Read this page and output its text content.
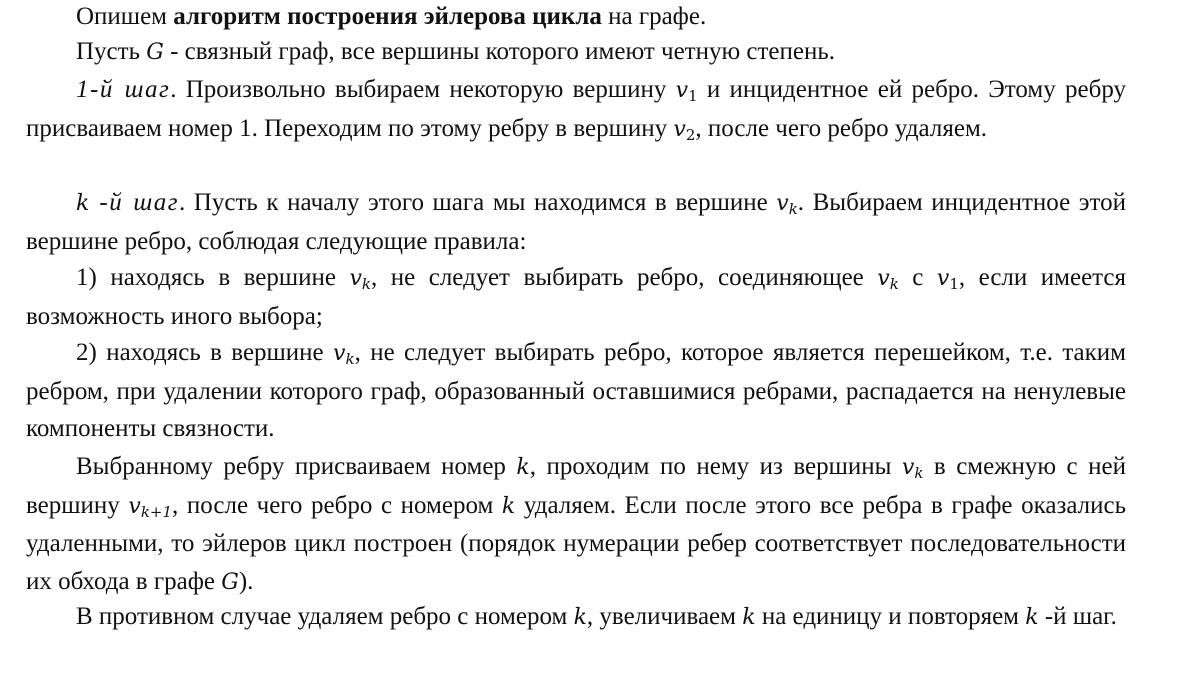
Опишем алгоритм построения эйлерова цикла на графе.

Пусть G - связный граф, все вершины которого имеют четную степень.

1-й шаг. Произвольно выбираем некоторую вершину $v_1$ и инцидентное ей ребро. Этому ребру присваиваем номер 1. Переходим по этому ребру в вершину $v_2$, после чего ребро удаляем.

k -й шаг. Пусть к началу этого шага мы находимся в вершине $v_k$. Выбираем инцидентное этой вершине ребро, соблюдая следующие правила:

1) находясь в вершине $v_k$, не следует выбирать ребро, соединяющее $v_k$ с $v_1$, если имеется возможность иного выбора;

2) находясь в вершине $v_k$, не следует выбирать ребро, которое является перешейком, т.е. таким ребром, при удалении которого граф, образованный оставшимися ребрами, распадается на ненулевые компоненты связности.

Выбранному ребру присваиваем номер k, проходим по нему из вершины $v_k$ в смежную с ней вершину $v_{k+1}$, после чего ребро с номером k удаляем. Если после этого все ребра в графе оказались удаленными, то эйлеров цикл построен (порядок нумерации ребер соответствует последовательности их обхода в графе G).

В противном случае удаляем ребро с номером k, увеличиваем k на единицу и повторяем k -й шаг.
